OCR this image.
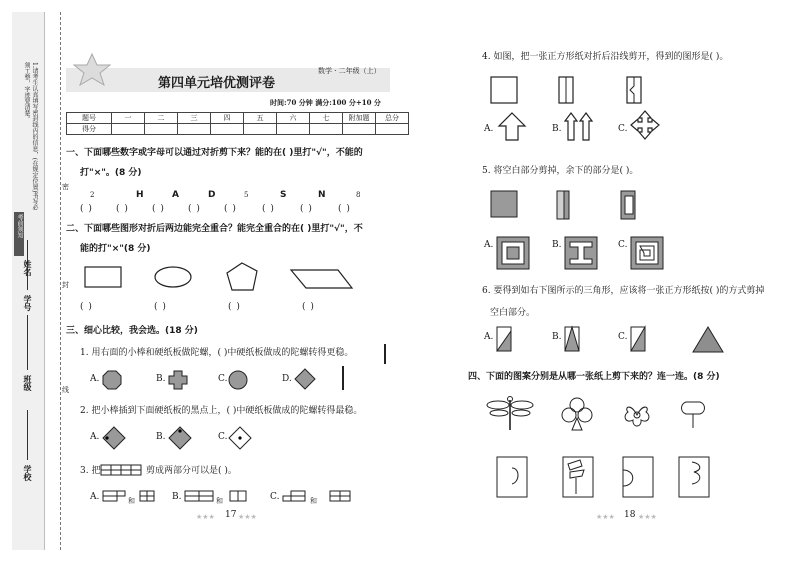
1.请考生认真填写密封线内的信息，(在规定位置)书写必须工整，字迹要清楚。
考前须知
学校
班级
学号
姓名
线
封
密
数学 · 二年级（上）
第四单元培优测评卷
时间:70 分钟 满分:100 分+10 分
题号	一	二	三	四	五	六	七	附加题	总分
得分									
一、下面哪些数字或字母可以通过对折剪下来？能的在( )里打"√"，不能的
打"×"。(8 分)
2	H	A	D	5	S	N	8
( )	( )	( )	( )	( )	( )	( )	( )
二、下面哪些图形对折后两边能完全重合？能完全重合的在( )里打"√"，不
能的打"×"(8 分)
( )	( )	( )	( )
三、细心比较，我会选。(18 分)
1. 用右面的小棒和硬纸板做陀螺，( )中硬纸板做成的陀螺转得更稳。
A.	B.	C.	D.
2. 把小棒插到下面硬纸板的黑点上，( )中硬纸板做成的陀螺转得最稳。
A.	B.	C.
3. 把	剪成两部分可以是( )。
A.	和	B.	和	C.	和
★★★ 17 ★★★
4. 如图，把一张正方形纸对折后沿线剪开，得到的图形是( )。
A.	B.	C.
5. 将空白部分剪掉，余下的部分是( )。
A.	B.	C.
6. 要得到如右下图所示的三角形，应该将一张正方形纸按( )的方式剪掉
空白部分。
A.	B.	C.
四、下面的图案分别是从哪一张纸上剪下来的？连一连。(8 分)
★★★ 18 ★★★
